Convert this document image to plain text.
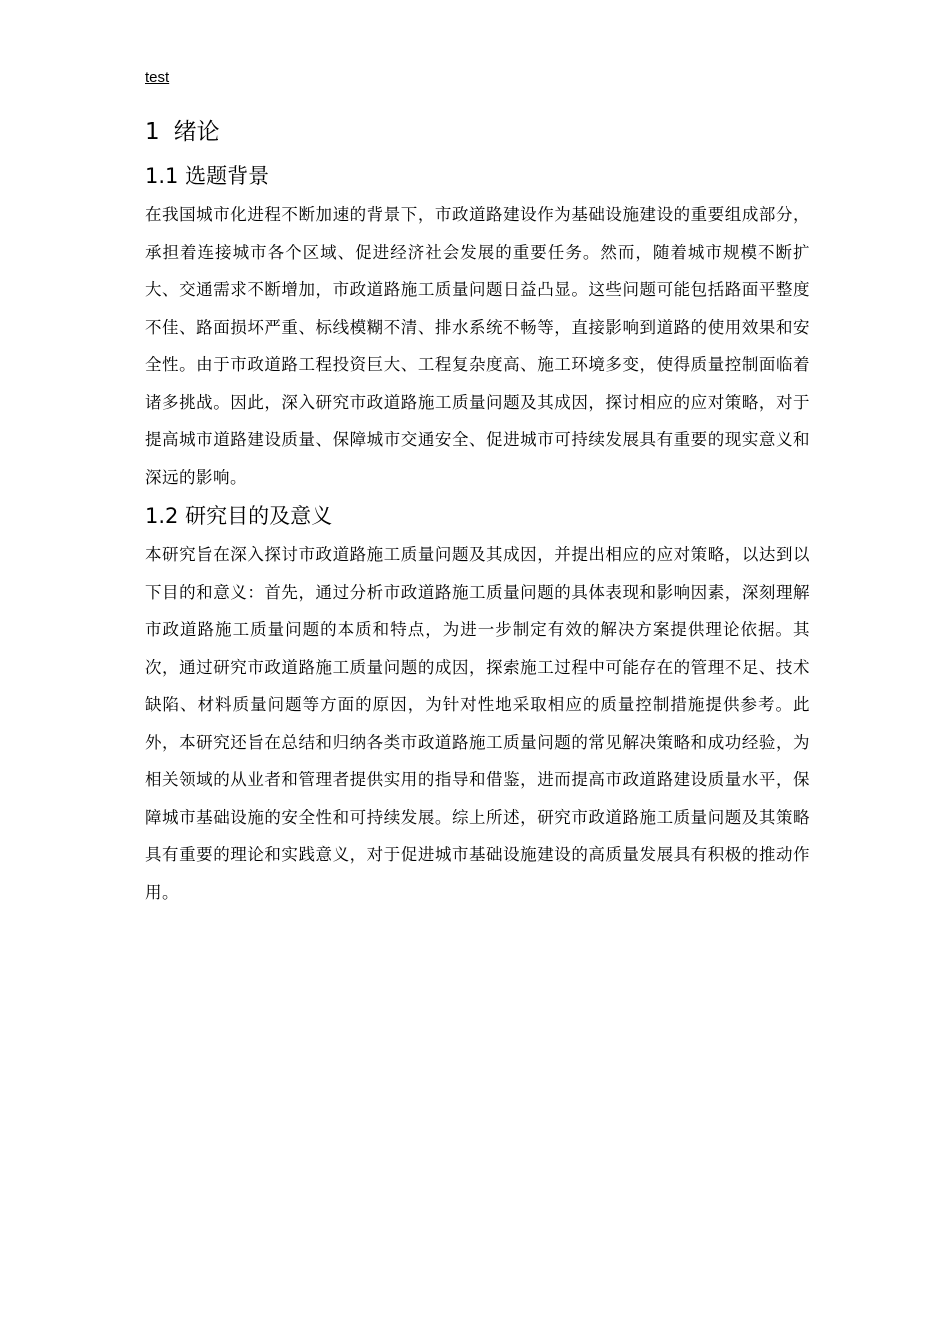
test
1 绪论
1.1 选题背景

在我国城市化进程不断加速的背景下，市政道路建设作为基础设施建设的重要组成部分，承担着连接城市各个区域、促进经济社会发展的重要任务。然而，随着城市规模不断扩大、交通需求不断增加，市政道路施工质量问题日益凸显。这些问题可能包括路面平整度不佳、路面损坏严重、标线模糊不清、排水系统不畅等，直接影响到道路的使用效果和安全性。由于市政道路工程投资巨大、工程复杂度高、施工环境多变，使得质量控制面临着诸多挑战。因此，深入研究市政道路施工质量问题及其成因，探讨相应的应对策略，对于提高城市道路建设质量、保障城市交通安全、促进城市可持续发展具有重要的现实意义和深远的影响。

1.2 研究目的及意义

本研究旨在深入探讨市政道路施工质量问题及其成因，并提出相应的应对策略，以达到以下目的和意义：首先，通过分析市政道路施工质量问题的具体表现和影响因素，深刻理解市政道路施工质量问题的本质和特点，为进一步制定有效的解决方案提供理论依据。其次，通过研究市政道路施工质量问题的成因，探索施工过程中可能存在的管理不足、技术缺陷、材料质量问题等方面的原因，为针对性地采取相应的质量控制措施提供参考。此外，本研究还旨在总结和归纳各类市政道路施工质量问题的常见解决策略和成功经验，为相关领域的从业者和管理者提供实用的指导和借鉴，进而提高市政道路建设质量水平，保障城市基础设施的安全性和可持续发展。综上所述，研究市政道路施工质量问题及其策略具有重要的理论和实践意义，对于促进城市基础设施建设的高质量发展具有积极的推动作用。
